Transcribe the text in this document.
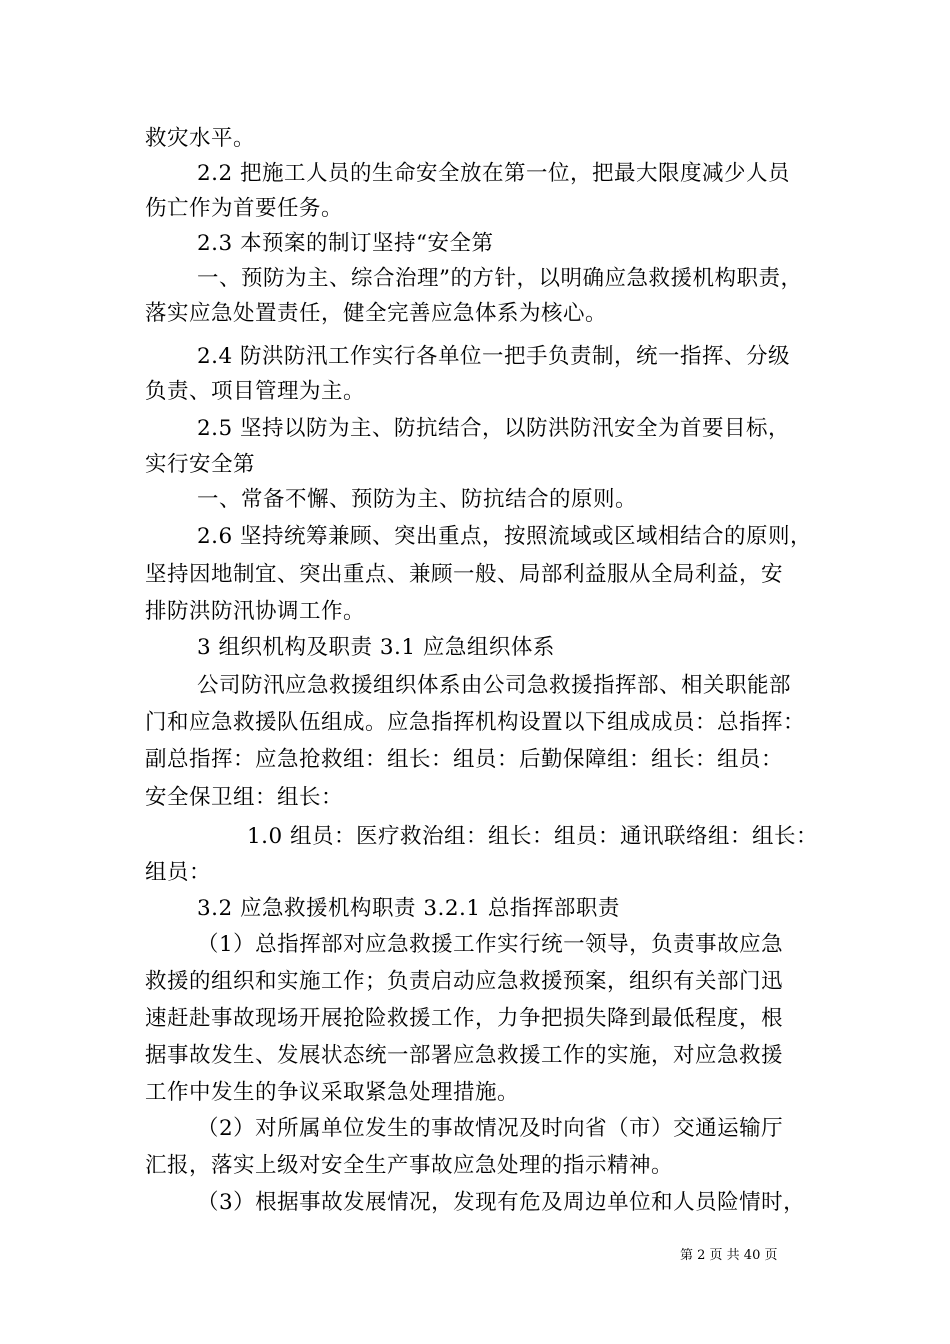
救灾水平。
2.2 把施工人员的生命安全放在第一位，把最大限度减少人员
伤亡作为首要任务。
2.3 本预案的制订坚持“安全第
一、预防为主、综合治理”的方针，以明确应急救援机构职责，
落实应急处置责任，健全完善应急体系为核心。
2.4 防洪防汛工作实行各单位一把手负责制，统一指挥、分级
负责、项目管理为主。
2.5 坚持以防为主、防抗结合，以防洪防汛安全为首要目标，
实行安全第
一、常备不懈、预防为主、防抗结合的原则。
2.6 坚持统筹兼顾、突出重点，按照流域或区域相结合的原则，
坚持因地制宜、突出重点、兼顾一般、局部利益服从全局利益，安
排防洪防汛协调工作。
3 组织机构及职责 3.1 应急组织体系
公司防汛应急救援组织体系由公司急救援指挥部、相关职能部
门和应急救援队伍组成。应急指挥机构设置以下组成成员：总指挥：
副总指挥：应急抢救组：组长：组员：后勤保障组：组长：组员：
安全保卫组：组长：
1.0 组员：医疗救治组：组长：组员：通讯联络组：组长：
组员：
3.2 应急救援机构职责 3.2.1 总指挥部职责
（1）总指挥部对应急救援工作实行统一领导，负责事故应急
救援的组织和实施工作；负责启动应急救援预案，组织有关部门迅
速赶赴事故现场开展抢险救援工作，力争把损失降到最低程度，根
据事故发生、发展状态统一部署应急救援工作的实施，对应急救援
工作中发生的争议采取紧急处理措施。
（2）对所属单位发生的事故情况及时向省（市）交通运输厅
汇报，落实上级对安全生产事故应急处理的指示精神。
（3）根据事故发展情况，发现有危及周边单位和人员险情时，
第 2 页 共 40 页
